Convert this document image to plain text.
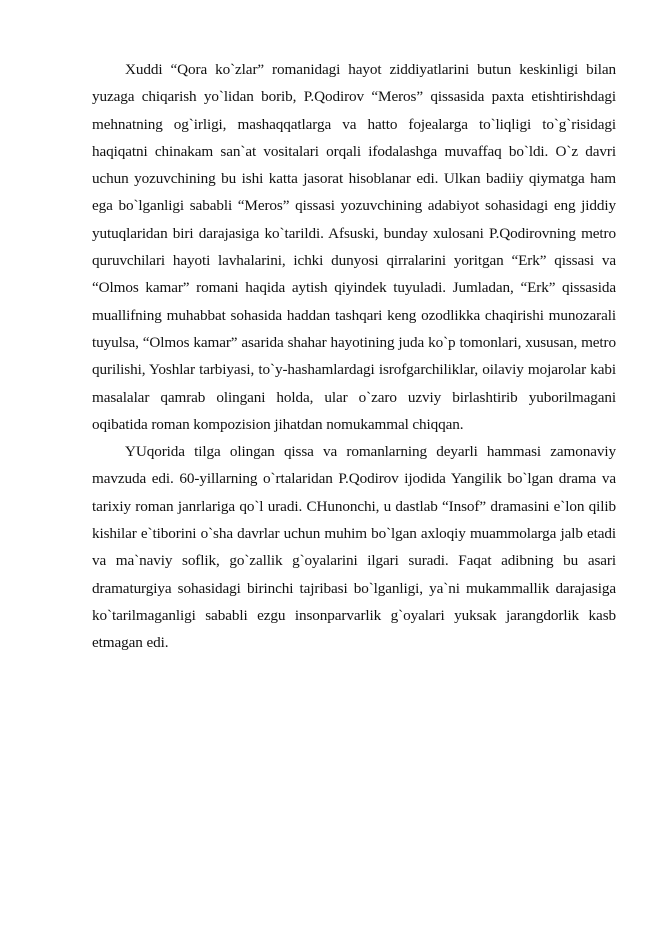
Xuddi “Qora ko`zlar” romanidagi hayot ziddiyatlarini butun keskinligi bilan yuzaga chiqarish yo`lidan borib, P.Qodirov “Meros” qissasida paxta etishtirishdagi mehnatning og`irligi, mashaqqatlarga va hatto fojealarga to`liqligi to`g`risidagi haqiqatni chinakam san`at vositalari orqali ifodalashga muvaffaq bo`ldi. O`z davri uchun yozuvchining bu ishi katta jasorat hisoblanar edi. Ulkan badiiy qiymatga ham ega bo`lganligi sababli “Meros” qissasi yozuvchining adabiyot sohasidagi eng jiddiy yutuqlaridan biri darajasiga ko`tarildi. Afsuski, bunday xulosani P.Qodirovning metro quruvchilari hayoti lavhalarini, ichki dunyosi qirralarini yoritgan “Erk” qissasi va “Olmos kamar” romani haqida aytish qiyindek tuyuladi. Jumladan, “Erk” qissasida muallifning muhabbat sohasida haddan tashqari keng ozodlikka chaqirishi munozarali tuyulsa, “Olmos kamar” asarida shahar hayotining juda ko`p tomonlari, xususan, metro qurilishi, Yoshlar tarbiyasi, to`y-hashamlardagi isrofgarchiliklar, oilaviy mojarolar kabi masalalar qamrab olingani holda, ular o`zaro uzviy birlashtirib yuborilmagani oqibatida roman kompozision jihatdan nomukammal chiqqan.

YUqorida tilga olingan qissa va romanlarning deyarli hammasi zamonaviy mavzuda edi. 60-yillarning o`rtalaridan P.Qodirov ijodida Yangilik bo`lgan drama va tarixiy roman janrlariga qo`l uradi. CHunonchi, u dastlab “Insof” dramasini e`lon qilib kishilar e`tiborini o`sha davrlar uchun muhim bo`lgan axloqiy muammolarga jalb etadi va ma`naviy soflik, go`zallik g`oyalarini ilgari suradi. Faqat adibning bu asari dramaturgiya sohasidagi birinchi tajribasi bo`lganligi, ya`ni mukammallik darajasiga ko`tarilmaganligi sababli ezgu insonparvarlik g`oyalari yuksak jarangdorlik kasb etmagan edi.
